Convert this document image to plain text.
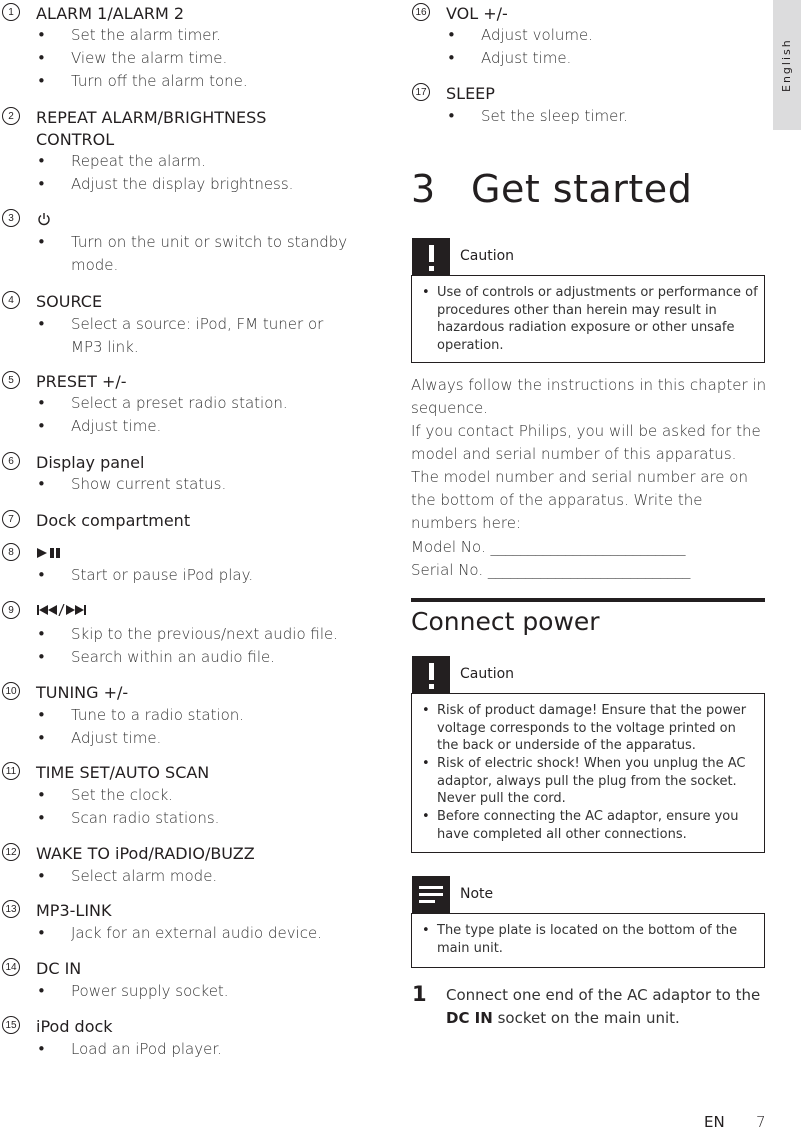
1	ALARM 1/ALARM 2
• Set the alarm timer.
• View the alarm time.
• Turn off the alarm tone.
2	REPEAT ALARM/BRIGHTNESS CONTROL
• Repeat the alarm.
• Adjust the display brightness.
3
• Turn on the unit or switch to standby mode.
4	SOURCE
• Select a source: iPod, FM tuner or MP3 link.
5	PRESET +/-
• Select a preset radio station.
• Adjust time.
6	Display panel
• Show current status.
7	Dock compartment
8
• Start or pause iPod play.
9
• Skip to the previous/next audio file.
• Search within an audio file.
10 TUNING +/-
• Tune to a radio station.
• Adjust time.
11 TIME SET/AUTO SCAN
• Set the clock.
• Scan radio stations.
12 WAKE TO iPod/RADIO/BUZZ
• Select alarm mode.
13 MP3-LINK
• Jack for an external audio device.
14 DC IN
• Power supply socket.
15 iPod dock
• Load an iPod player.
16 VOL +/-
• Adjust volume.
• Adjust time.
17 SLEEP
• Set the sleep timer.
3 Get started
Caution
• Use of controls or adjustments or performance of procedures other than herein may result in hazardous radiation exposure or other unsafe operation.
Always follow the instructions in this chapter in sequence.
If you contact Philips, you will be asked for the model and serial number of this apparatus. The model number and serial number are on the bottom of the apparatus. Write the numbers here:
Model No. __________________________
Serial No. ___________________________
Connect power
Caution
• Risk of product damage! Ensure that the power voltage corresponds to the voltage printed on the back or underside of the apparatus.
• Risk of electric shock! When you unplug the AC adaptor, always pull the plug from the socket. Never pull the cord.
• Before connecting the AC adaptor, ensure you have completed all other connections.
Note
• The type plate is located on the bottom of the main unit.
1 Connect one end of the AC adaptor to the DC IN socket on the main unit.
English
EN 7
